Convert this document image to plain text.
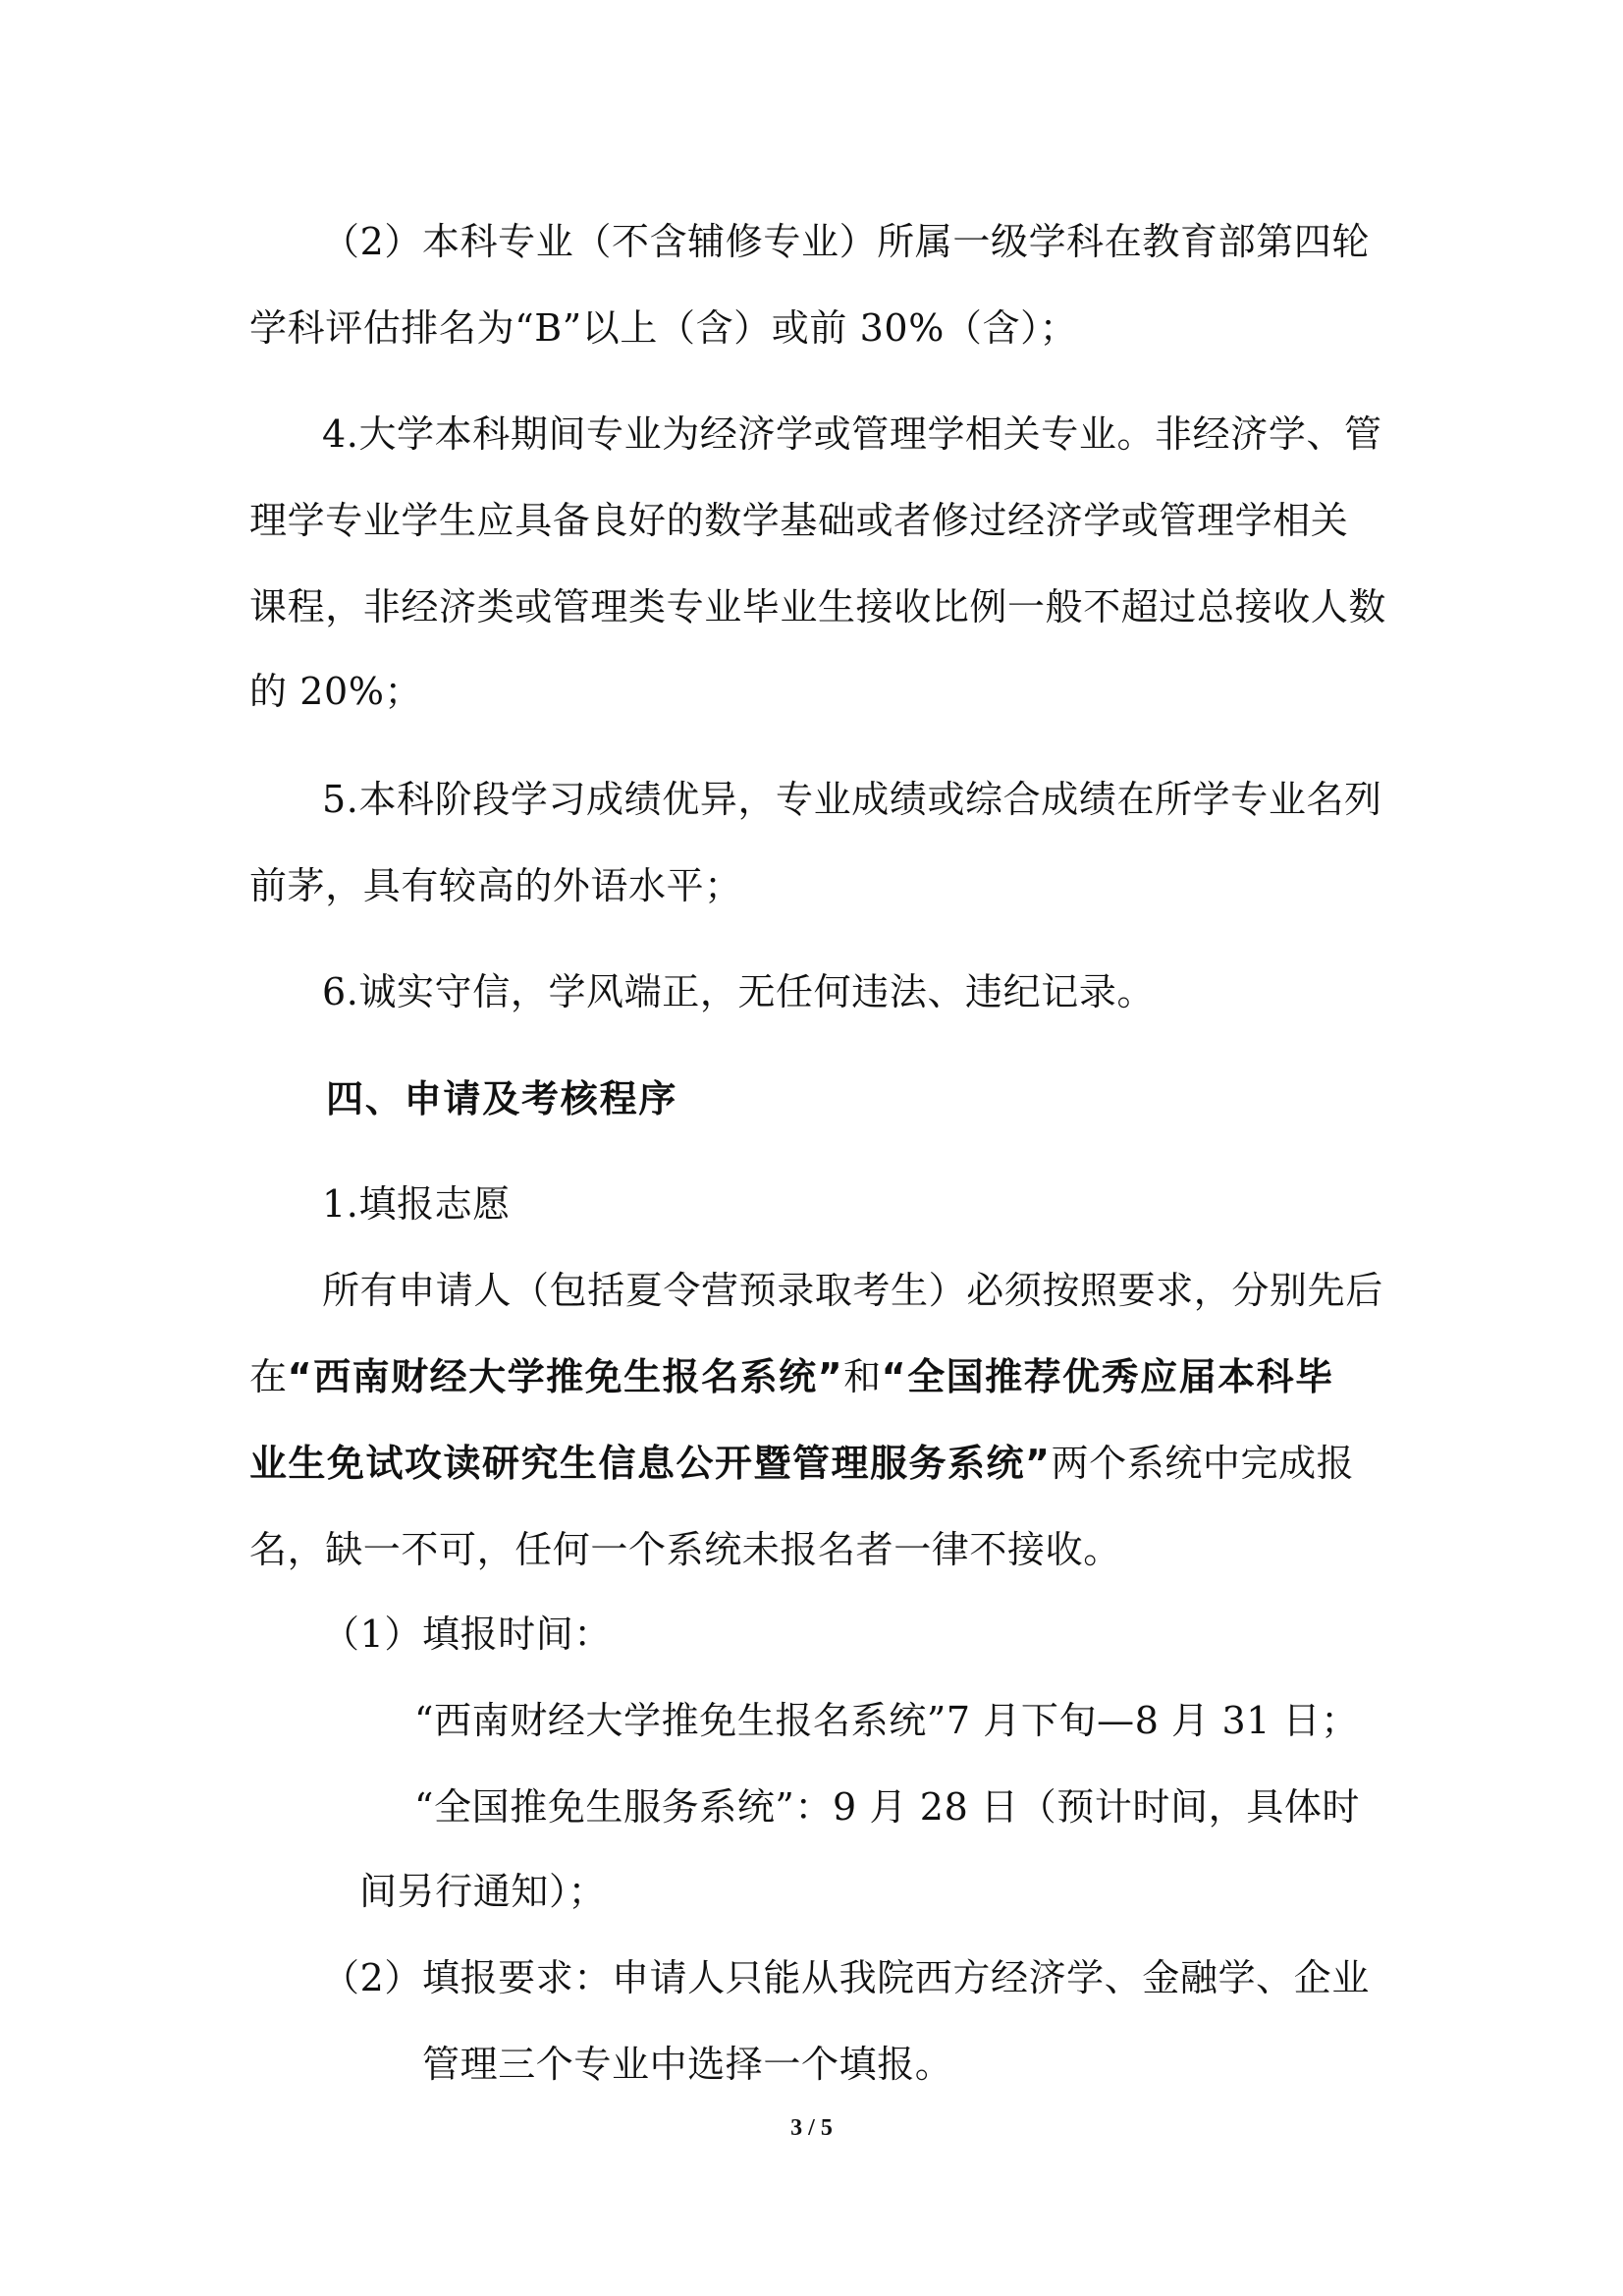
（2）本科专业（不含辅修专业）所属一级学科在教育部第四轮
学科评估排名为“B”以上（含）或前 30%（含）；
4.大学本科期间专业为经济学或管理学相关专业。非经济学、管
理学专业学生应具备良好的数学基础或者修过经济学或管理学相关
课程，非经济类或管理类专业毕业生接收比例一般不超过总接收人数
的 20%；
5.本科阶段学习成绩优异，专业成绩或综合成绩在所学专业名列
前茅，具有较高的外语水平；
6.诚实守信，学风端正，无任何违法、违纪记录。
四、申请及考核程序
1.填报志愿
所有申请人（包括夏令营预录取考生）必须按照要求，分别先后
在“西南财经大学推免生报名系统”和“全国推荐优秀应届本科毕
业生免试攻读研究生信息公开暨管理服务系统”两个系统中完成报
名，缺一不可，任何一个系统未报名者一律不接收。
（1）填报时间：
“西南财经大学推免生报名系统”7 月下旬—8 月 31 日；
“全国推免生服务系统”：9 月 28 日（预计时间，具体时
间另行通知）；
（2）填报要求：申请人只能从我院西方经济学、金融学、企业
管理三个专业中选择一个填报。
3 / 5
